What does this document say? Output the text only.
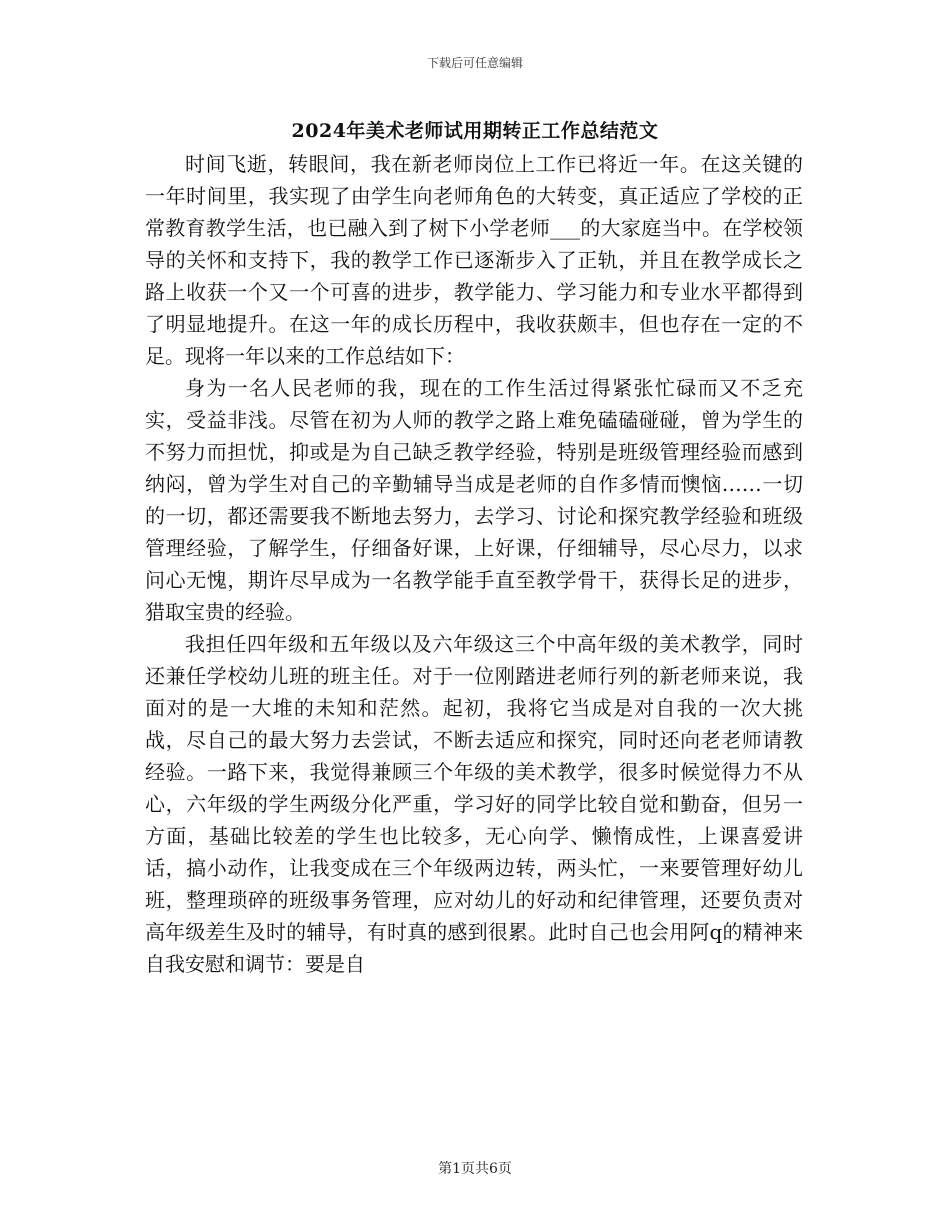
下载后可任意编辑
2024年美术老师试用期转正工作总结范文

时间飞逝，转眼间，我在新老师岗位上工作已将近一年。在这关键的一年时间里，我实现了由学生向老师角色的大转变，真正适应了学校的正常教育教学生活，也已融入到了树下小学老师___的大家庭当中。在学校领导的关怀和支持下，我的教学工作已逐渐步入了正轨，并且在教学成长之路上收获一个又一个可喜的进步，教学能力、学习能力和专业水平都得到了明显地提升。在这一年的成长历程中，我收获颇丰，但也存在一定的不足。现将一年以来的工作总结如下：

身为一名人民老师的我，现在的工作生活过得紧张忙碌而又不乏充实，受益非浅。尽管在初为人师的教学之路上难免磕磕碰碰，曾为学生的不努力而担忧，抑或是为自己缺乏教学经验，特别是班级管理经验而感到纳闷，曾为学生对自己的辛勤辅导当成是老师的自作多情而懊恼……一切的一切，都还需要我不断地去努力，去学习、讨论和探究教学经验和班级管理经验，了解学生，仔细备好课，上好课，仔细辅导，尽心尽力，以求问心无愧，期许尽早成为一名教学能手直至教学骨干，获得长足的进步，猎取宝贵的经验。

我担任四年级和五年级以及六年级这三个中高年级的美术教学，同时还兼任学校幼儿班的班主任。对于一位刚踏进老师行列的新老师来说，我面对的是一大堆的未知和茫然。起初，我将它当成是对自我的一次大挑战，尽自己的最大努力去尝试，不断去适应和探究，同时还向老老师请教经验。一路下来，我觉得兼顾三个年级的美术教学，很多时候觉得力不从心，六年级的学生两级分化严重，学习好的同学比较自觉和勤奋，但另一方面，基础比较差的学生也比较多，无心向学、懒惰成性，上课喜爱讲话，搞小动作，让我变成在三个年级两边转，两头忙，一来要管理好幼儿班，整理琐碎的班级事务管理，应对幼儿的好动和纪律管理，还要负责对高年级差生及时的辅导，有时真的感到很累。此时自己也会用阿q的精神来自我安慰和调节：要是自

第1页共6页
